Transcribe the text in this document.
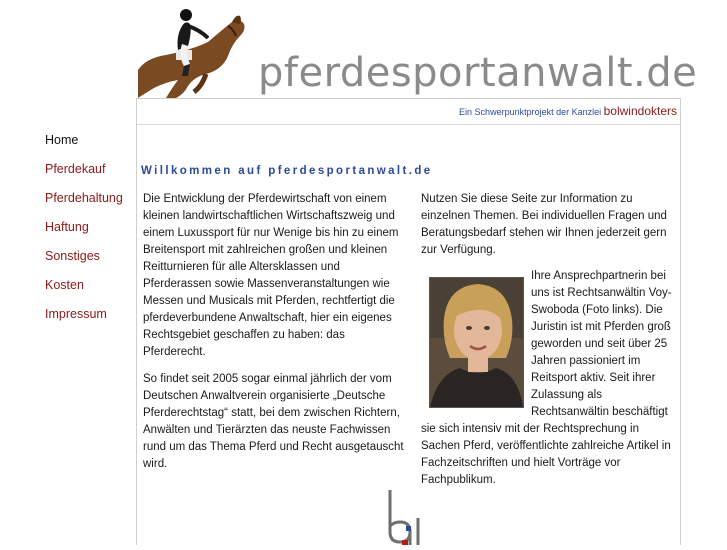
pferdesportanwalt.de
Ein Schwerpunktprojekt der Kanzlei bolwindokters
Home
Pferdekauf
Pferdehaltung
Haftung
Sonstiges
Kosten
Impressum
Willkommen auf pferdesportanwalt.de

Die Entwicklung der Pferdewirtschaft von einem kleinen landwirtschaftlichen Wirtschaftszweig und einem Luxussport für nur Wenige bis hin zu einem Breitensport mit zahlreichen großen und kleinen Reitturnieren für alle Altersklassen und Pferderassen sowie Massenveranstaltungen wie Messen und Musicals mit Pferden, rechtfertigt die pferdeverbundene Anwaltschaft, hier ein eigenes Rechtsgebiet geschaffen zu haben: das Pferderecht.

So findet seit 2005 sogar einmal jährlich der vom Deutschen Anwaltverein organisierte „Deutsche Pferderechtstag“ statt, bei dem zwischen Richtern, Anwälten und Tierärzten das neuste Fachwissen rund um das Thema Pferd und Recht ausgetauscht wird.

Nutzen Sie diese Seite zur Information zu einzelnen Themen. Bei individuellen Fragen und Beratungsbedarf stehen wir Ihnen jederzeit gern zur Verfügung.
Ihre Ansprechpartnerin bei uns ist Rechtsanwältin Voy-Swoboda (Foto links). Die Juristin ist mit Pferden groß geworden und seit über 25 Jahren passioniert im Reitsport aktiv. Seit ihrer Zulassung als Rechtsanwältin beschäftigt sie sich intensiv mit der Rechtsprechung in Sachen Pferd, veröffentlichte zahlreiche Artikel in Fachzeitschriften und hielt Vorträge vor Fachpublikum.
